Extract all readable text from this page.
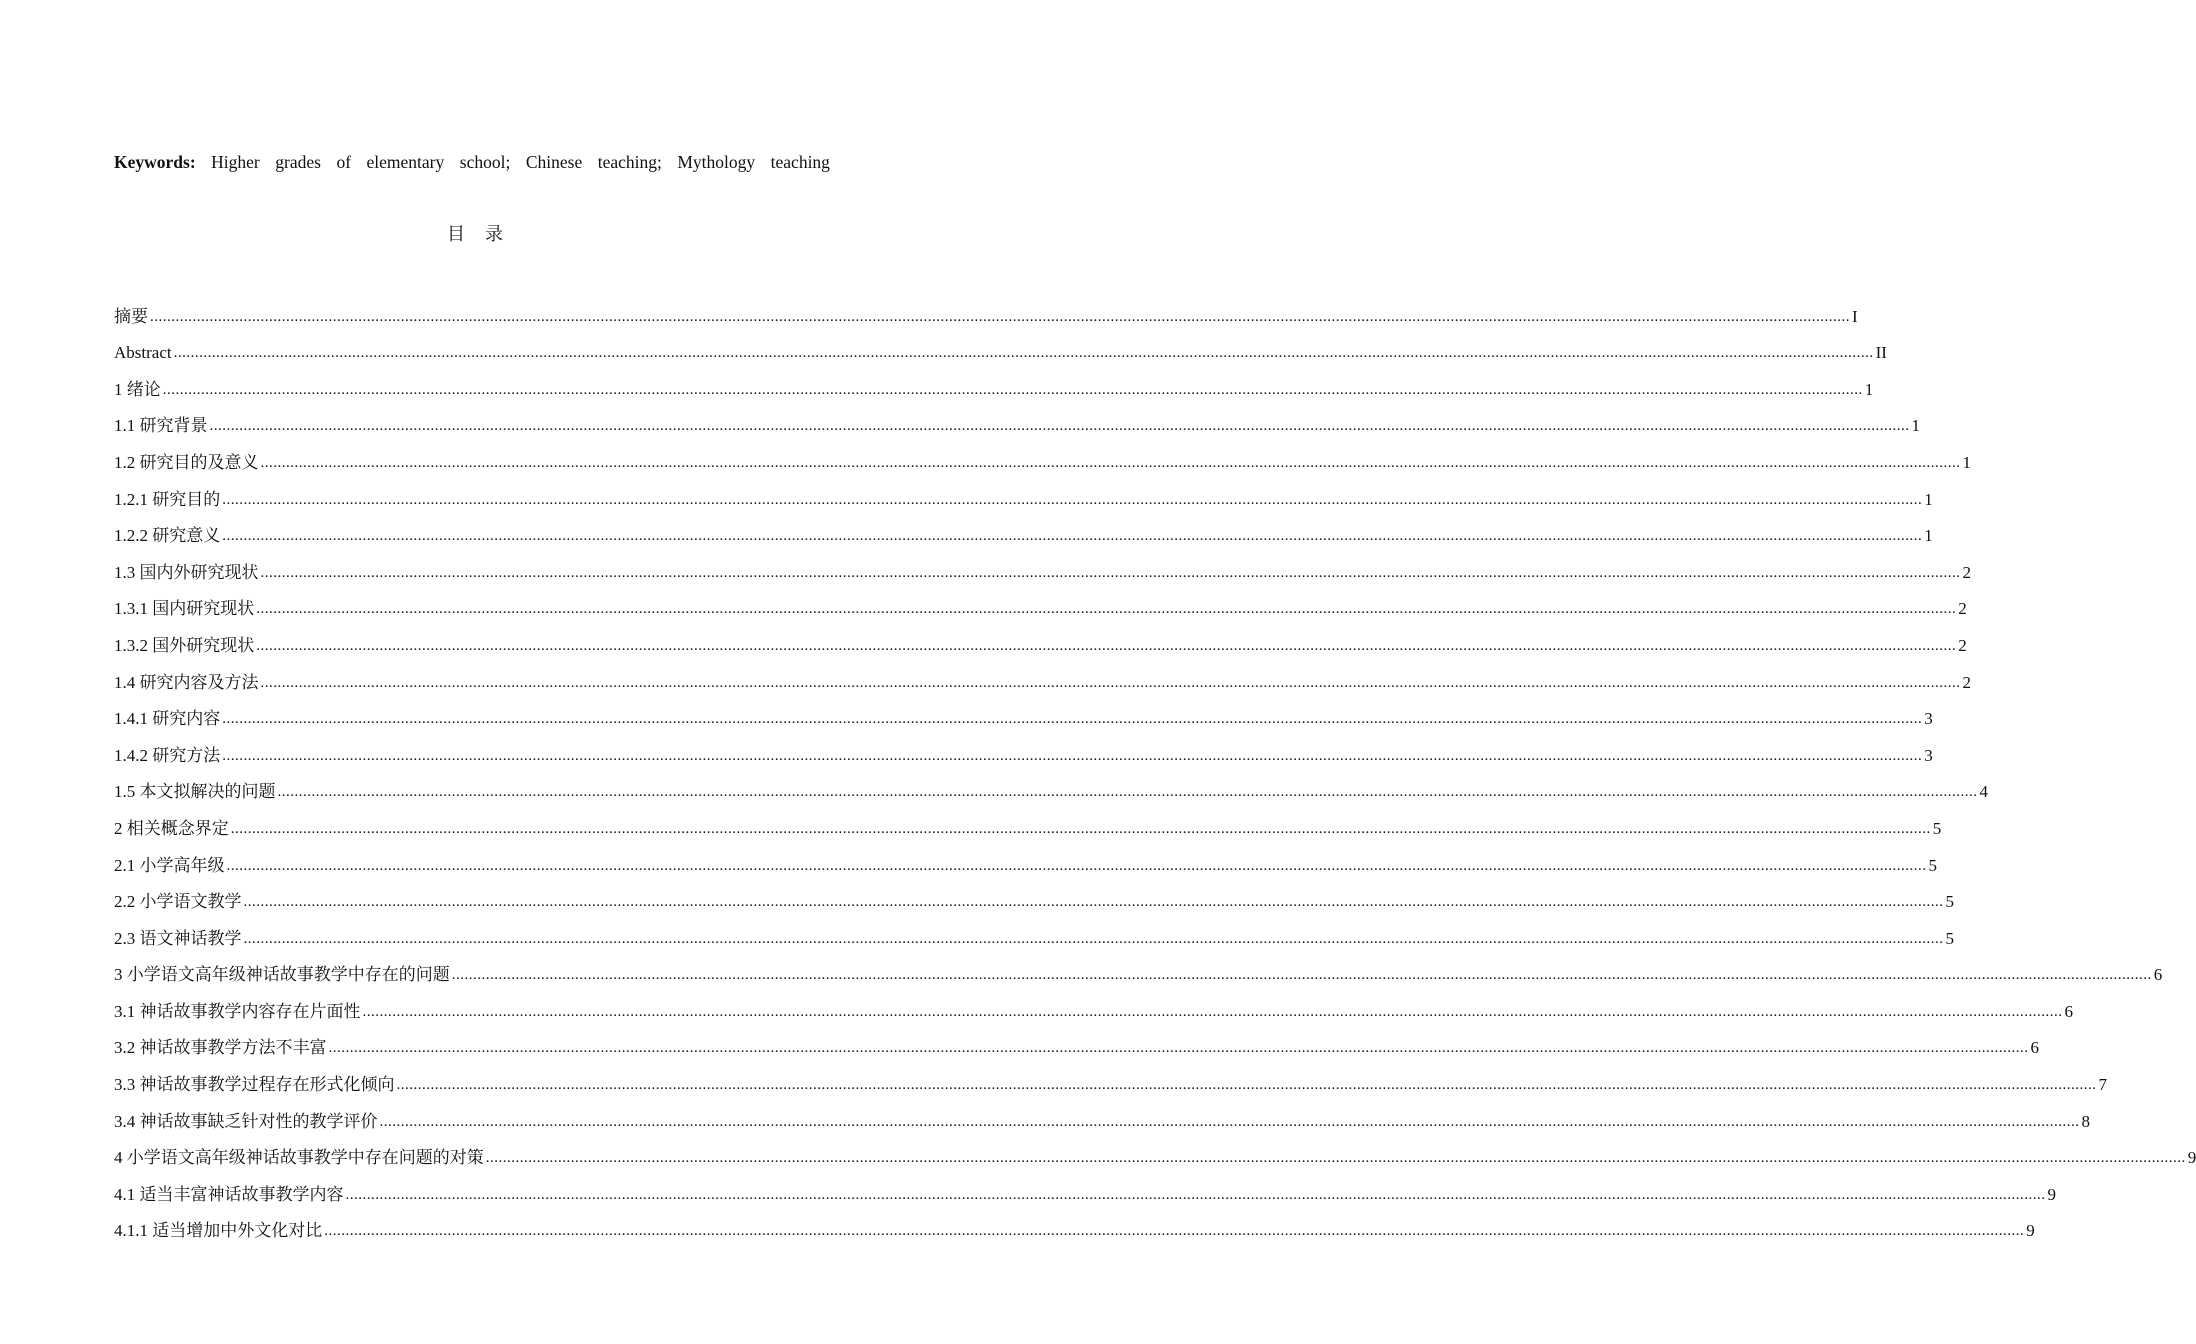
Keywords: Higher grades of elementary school; Chinese teaching; Mythology teaching
目录
摘要 ................................................................................................................................................................................................................................................................................................................................................................................................................ I
Abstract ................................................................................................................................................................................................................................................................................................................................................................................................................ II
1 绪论 ................................................................................................................................................................................................................................................................................................................................................................................................................ 1
1.1 研究背景 ................................................................................................................................................................................................................................................................................................................................................................................................................ 1
1.2 研究目的及意义 ................................................................................................................................................................................................................................................................................................................................................................................................................ 1
1.2.1 研究目的 ................................................................................................................................................................................................................................................................................................................................................................................................................ 1
1.2.2 研究意义 ................................................................................................................................................................................................................................................................................................................................................................................................................ 1
1.3 国内外研究现状 ................................................................................................................................................................................................................................................................................................................................................................................................................ 2
1.3.1 国内研究现状 ................................................................................................................................................................................................................................................................................................................................................................................................................ 2
1.3.2 国外研究现状 ................................................................................................................................................................................................................................................................................................................................................................................................................ 2
1.4 研究内容及方法 ................................................................................................................................................................................................................................................................................................................................................................................................................ 2
1.4.1 研究内容 ................................................................................................................................................................................................................................................................................................................................................................................................................ 3
1.4.2 研究方法 ................................................................................................................................................................................................................................................................................................................................................................................................................ 3
1.5 本文拟解决的问题 ................................................................................................................................................................................................................................................................................................................................................................................................................ 4
2 相关概念界定 ................................................................................................................................................................................................................................................................................................................................................................................................................ 5
2.1 小学高年级 ................................................................................................................................................................................................................................................................................................................................................................................................................ 5
2.2 小学语文教学 ................................................................................................................................................................................................................................................................................................................................................................................................................ 5
2.3 语文神话教学 ................................................................................................................................................................................................................................................................................................................................................................................................................ 5
3 小学语文高年级神话故事教学中存在的问题 ................................................................................................................................................................................................................................................................................................................................................................................................................ 6
3.1 神话故事教学内容存在片面性 ................................................................................................................................................................................................................................................................................................................................................................................................................ 6
3.2 神话故事教学方法不丰富 ................................................................................................................................................................................................................................................................................................................................................................................................................ 6
3.3 神话故事教学过程存在形式化倾向 ................................................................................................................................................................................................................................................................................................................................................................................................................ 7
3.4 神话故事缺乏针对性的教学评价 ................................................................................................................................................................................................................................................................................................................................................................................................................ 8
4 小学语文高年级神话故事教学中存在问题的对策 ................................................................................................................................................................................................................................................................................................................................................................................................................ 9
4.1 适当丰富神话故事教学内容 ................................................................................................................................................................................................................................................................................................................................................................................................................ 9
4.1.1 适当增加中外文化对比 ................................................................................................................................................................................................................................................................................................................................................................................................................ 9
